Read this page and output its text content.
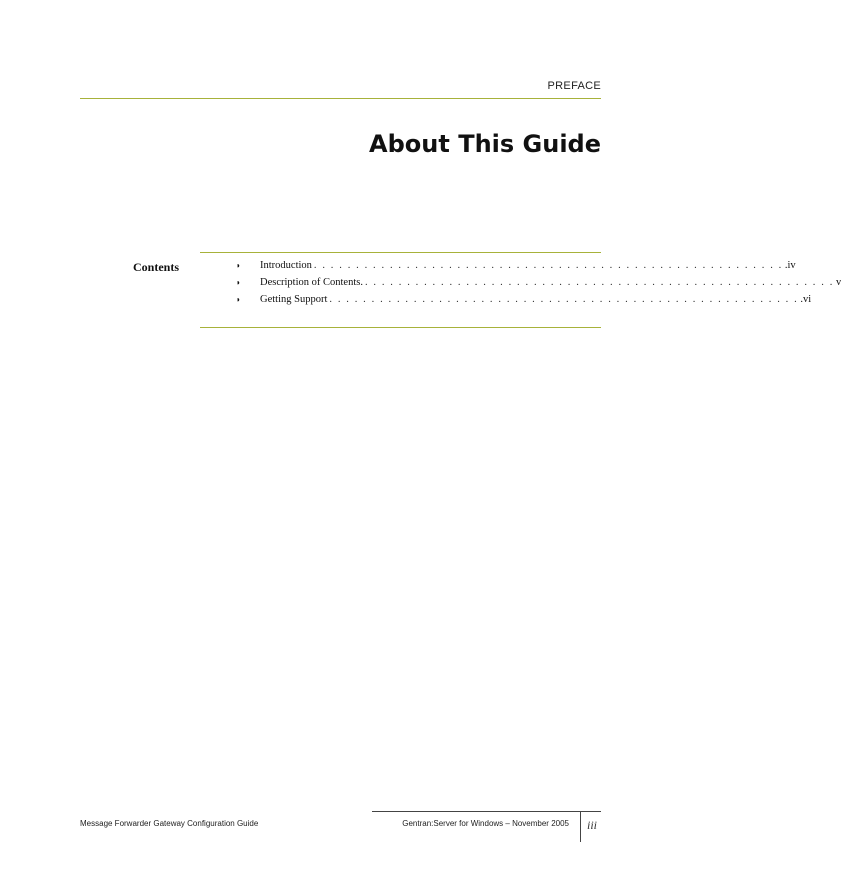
PREFACE
About This Guide
Contents	◗	Introduction . . . . . . . . . . . . . . . . . . . . . . . . . . . . . . . . . . . . . . . . . . . . . . . . . . . . . . . . .iv
◗	Description of Contents. . . . . . . . . . . . . . . . . . . . . . . . . . . . . . . . . . . . . . . . . . . . . . . . . . . . . . . . . v
◗	Getting Support . . . . . . . . . . . . . . . . . . . . . . . . . . . . . . . . . . . . . . . . . . . . . . . . . . . . . . . . .vi
Message Forwarder Gateway Configuration Guide	Gentran:Server for Windows – November 2005 iii
